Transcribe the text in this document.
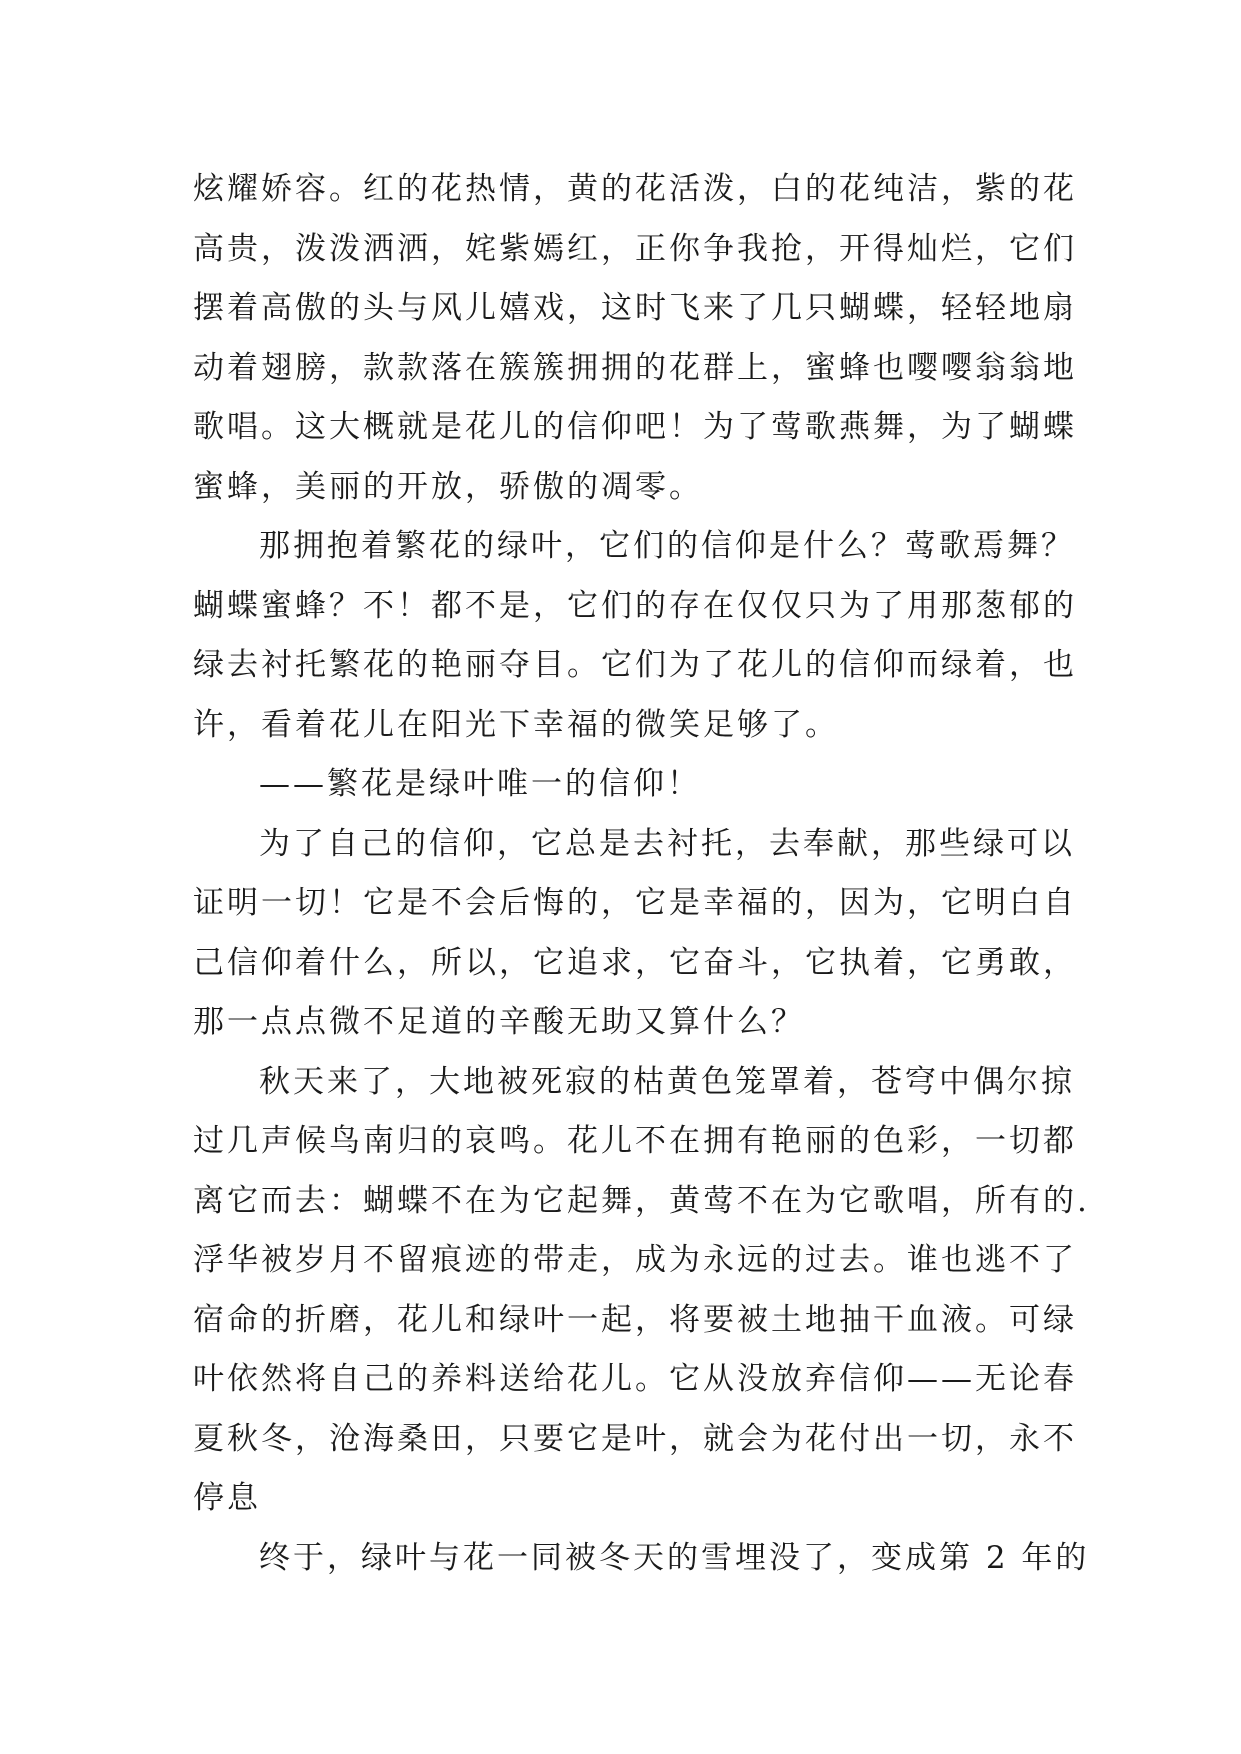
炫耀娇容。红的花热情，黄的花活泼，白的花纯洁，紫的花

高贵，泼泼洒洒，姹紫嫣红，正你争我抢，开得灿烂，它们

摆着高傲的头与风儿嬉戏，这时飞来了几只蝴蝶，轻轻地扇

动着翅膀，款款落在簇簇拥拥的花群上，蜜蜂也嘤嘤翁翁地

歌唱。这大概就是花儿的信仰吧！为了莺歌燕舞，为了蝴蝶

蜜蜂，美丽的开放，骄傲的凋零。

那拥抱着繁花的绿叶，它们的信仰是什么？莺歌焉舞？

蝴蝶蜜蜂？不！都不是，它们的存在仅仅只为了用那葱郁的

绿去衬托繁花的艳丽夺目。它们为了花儿的信仰而绿着，也

许，看着花儿在阳光下幸福的微笑足够了。

——繁花是绿叶唯一的信仰！

为了自己的信仰，它总是去衬托，去奉献，那些绿可以

证明一切！它是不会后悔的，它是幸福的，因为，它明白自

己信仰着什么，所以，它追求，它奋斗，它执着，它勇敢，

那一点点微不足道的辛酸无助又算什么？

秋天来了，大地被死寂的枯黄色笼罩着，苍穹中偶尔掠

过几声候鸟南归的哀鸣。花儿不在拥有艳丽的色彩，一切都

离它而去：蝴蝶不在为它起舞，黄莺不在为它歌唱，所有的.

浮华被岁月不留痕迹的带走，成为永远的过去。谁也逃不了

宿命的折磨，花儿和绿叶一起，将要被土地抽干血液。可绿

叶依然将自己的养料送给花儿。它从没放弃信仰——无论春

夏秋冬，沧海桑田，只要它是叶，就会为花付出一切，永不

停息

终于，绿叶与花一同被冬天的雪埋没了，变成第 2 年的
